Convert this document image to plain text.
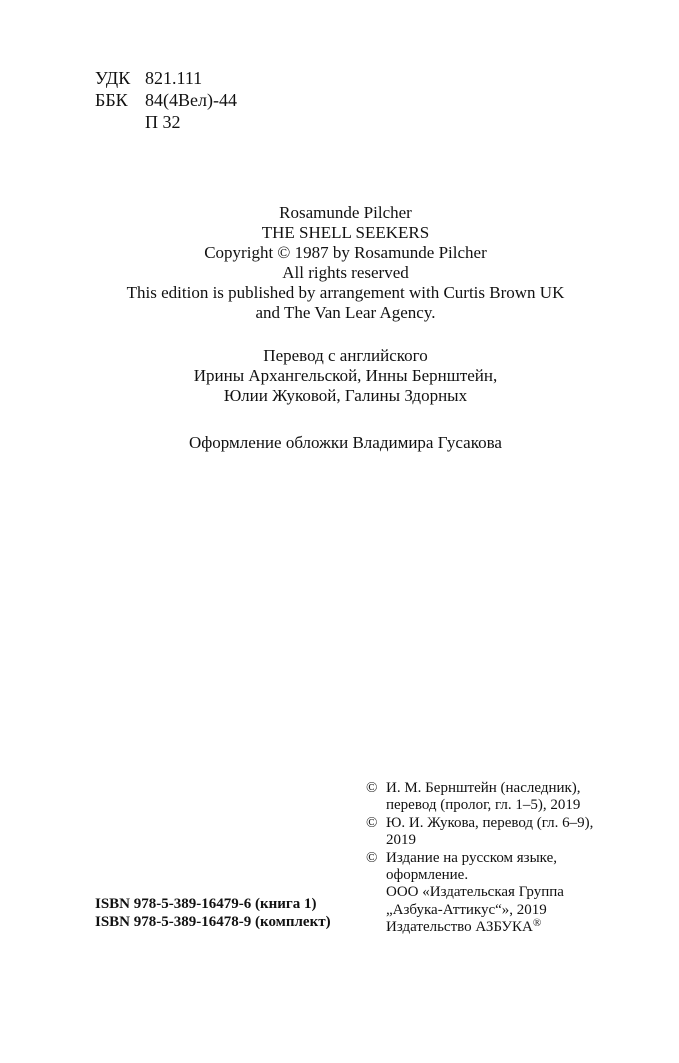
УДК 821.111
ББК 84(4Вел)-44
П 32
Rosamunde Pilcher
THE SHELL SEEKERS
Copyright © 1987 by Rosamunde Pilcher
All rights reserved
This edition is published by arrangement with Curtis Brown UK
and The Van Lear Agency.
Перевод с английского
Ирины Архангельской, Инны Бернштейн,
Юлии Жуковой, Галины Здорных
Оформление обложки Владимира Гусакова
© И. М. Бернштейн (наследник),
перевод (пролог, гл. 1–5), 2019
© Ю. И. Жукова, перевод (гл. 6–9),
2019
© Издание на русском языке,
оформление.
ООО «Издательская Группа
„Азбука-Аттикус“», 2019
Издательство АЗБУКА®
ISBN 978-5-389-16479-6 (книга 1)
ISBN 978-5-389-16478-9 (комплект)
